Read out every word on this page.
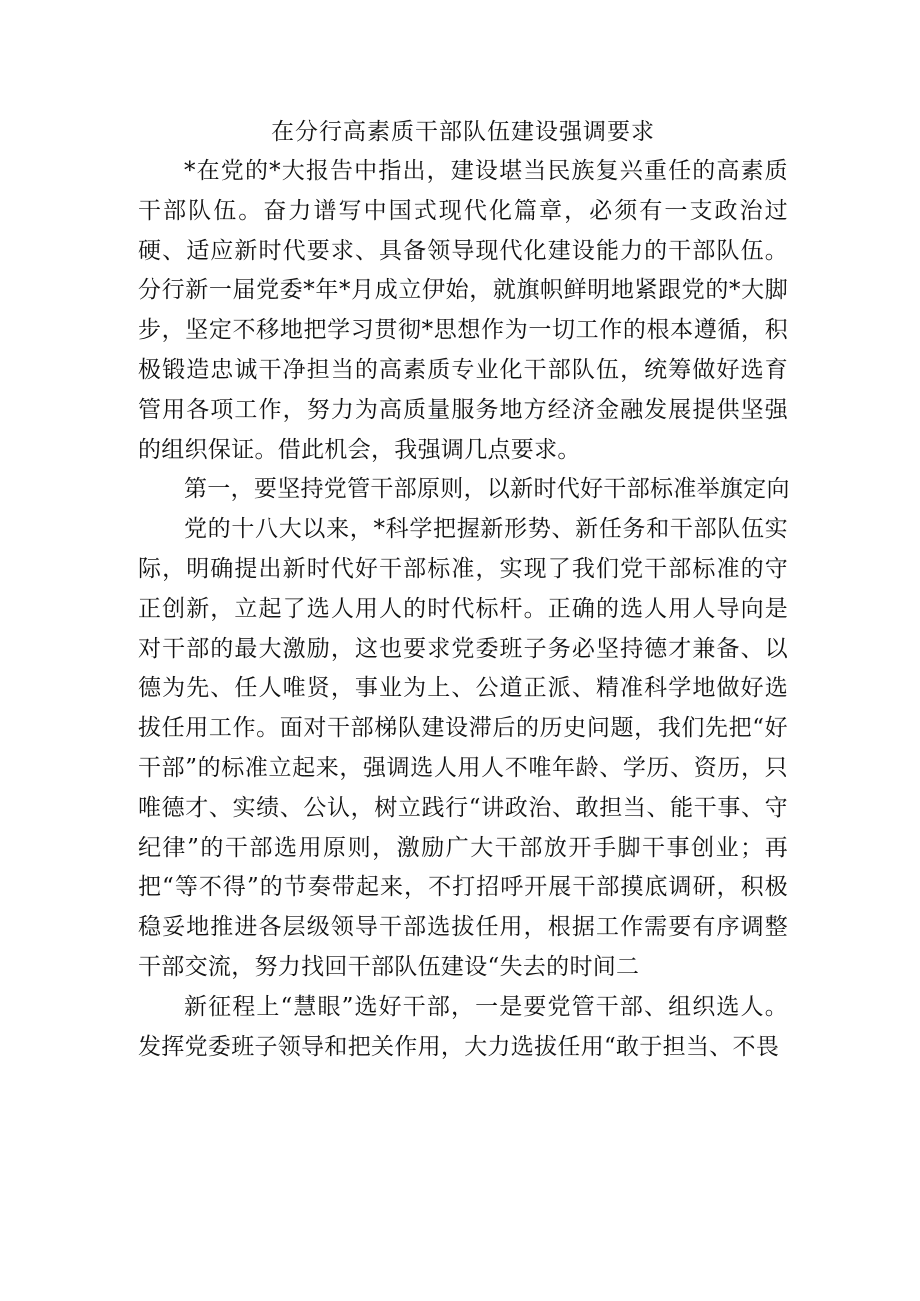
在分行高素质干部队伍建设强调要求

*在党的*大报告中指出，建设堪当民族复兴重任的高素质干部队伍。奋力谱写中国式现代化篇章，必须有一支政治过硬、适应新时代要求、具备领导现代化建设能力的干部队伍。分行新一届党委*年*月成立伊始，就旗帜鲜明地紧跟党的*大脚步，坚定不移地把学习贯彻*思想作为一切工作的根本遵循，积极锻造忠诚干净担当的高素质专业化干部队伍，统筹做好选育管用各项工作，努力为高质量服务地方经济金融发展提供坚强的组织保证。借此机会，我强调几点要求。

第一，要坚持党管干部原则，以新时代好干部标准举旗定向

党的十八大以来，*科学把握新形势、新任务和干部队伍实际，明确提出新时代好干部标准，实现了我们党干部标准的守正创新，立起了选人用人的时代标杆。正确的选人用人导向是对干部的最大激励，这也要求党委班子务必坚持德才兼备、以德为先、任人唯贤，事业为上、公道正派、精准科学地做好选拔任用工作。面对干部梯队建设滞后的历史问题，我们先把“好干部”的标准立起来，强调选人用人不唯年龄、学历、资历，只唯德才、实绩、公认，树立践行“讲政治、敢担当、能干事、守纪律”的干部选用原则，激励广大干部放开手脚干事创业；再把“等不得”的节奏带起来，不打招呼开展干部摸底调研，积极稳妥地推进各层级领导干部选拔任用，根据工作需要有序调整干部交流，努力找回干部队伍建设“失去的时间二

新征程上“慧眼”选好干部，一是要党管干部、组织选人。发挥党委班子领导和把关作用，大力选拔任用“敢于担当、不畏
